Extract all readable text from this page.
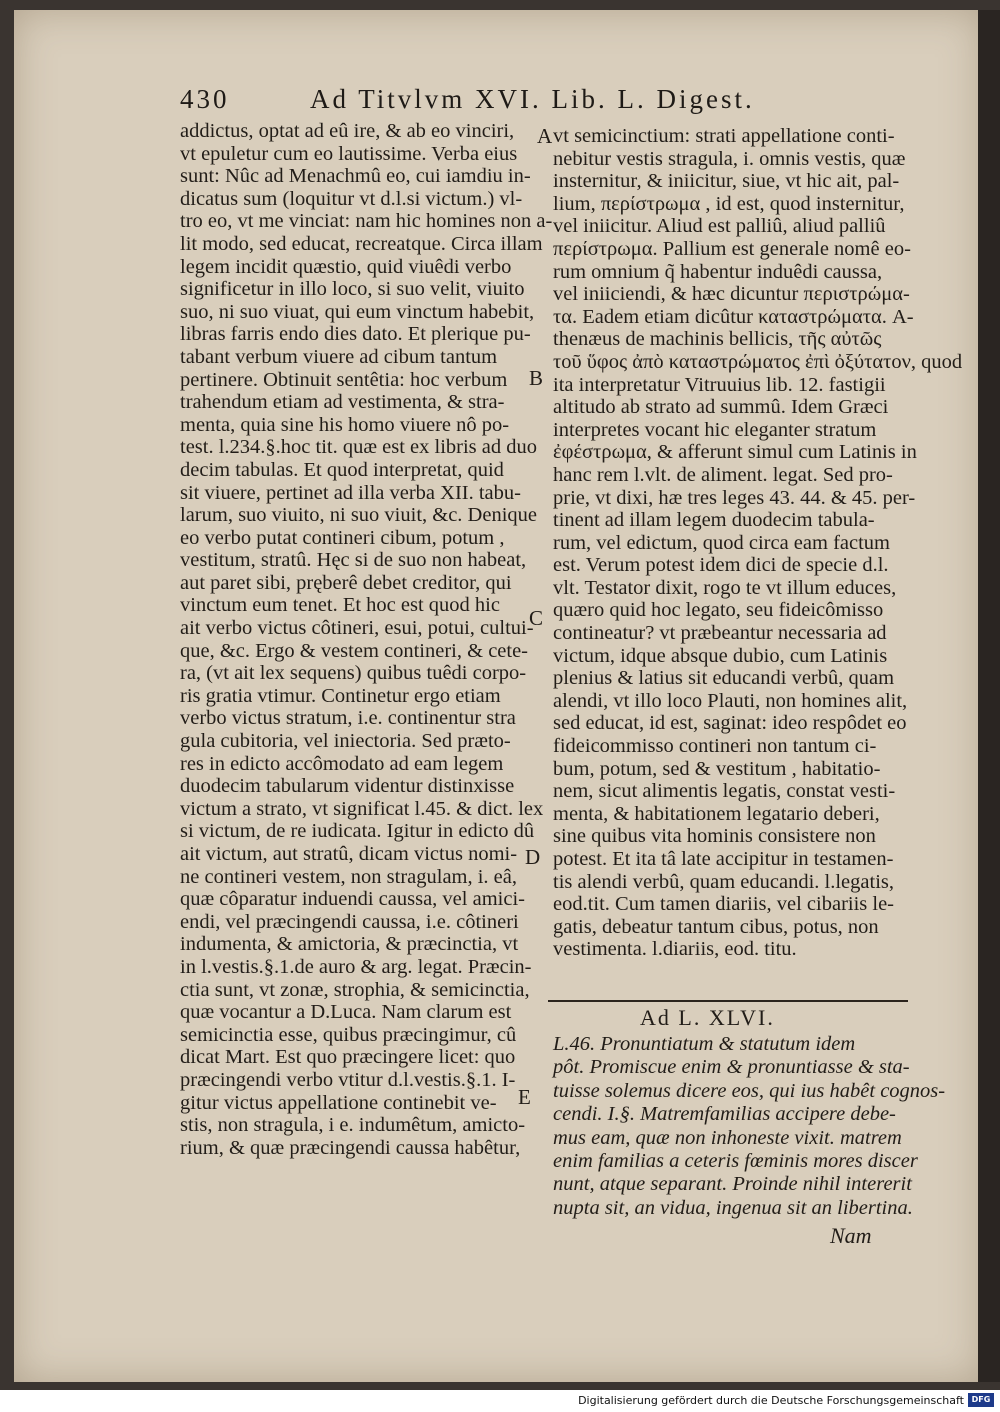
430	Ad Titvlvm XVI. Lib. L. Digest.
addictus, optat ad eû ire, & ab eo vinciri,
vt epuletur cum eo lautissime. Verba eius
sunt: Nûc ad Menachmû eo, cui iamdiu in-
dicatus sum (loquitur vt d.l.si victum.) vl-
tro eo, vt me vinciat: nam hic homines non a-
lit modo, sed educat, recreatque. Circa illam
legem incidit quæstio, quid viuêdi verbo
significetur in illo loco, si suo velit, viuito
suo, ni suo viuat, qui eum vinctum habebit,
libras farris endo dies dato. Et plerique pu-
tabant verbum viuere ad cibum tantum
pertinere. Obtinuit sentêtia: hoc verbum
trahendum etiam ad vestimenta, & stra-
menta, quia sine his homo viuere nô po-
test. l.234.§.hoc tit. quæ est ex libris ad duo
decim tabulas. Et quod interpretat, quid
sit viuere, pertinet ad illa verba XII. tabu-
larum, suo viuito, ni suo viuit, &c. Denique
eo verbo putat contineri cibum, potum ,
vestitum, stratû. Hęc si de suo non habeat,
aut paret sibi, pręberê debet creditor, qui
vinctum eum tenet. Et hoc est quod hic
ait verbo victus côtineri, esui, potui, cultui-
que, &c. Ergo & vestem contineri, & cete-
ra, (vt ait lex sequens) quibus tuêdi corpo-
ris gratia vtimur. Continetur ergo etiam
verbo victus stratum, i.e. continentur stra
gula cubitoria, vel iniectoria. Sed præto-
res in edicto accômodato ad eam legem
duodecim tabularum videntur distinxisse
victum a strato, vt significat l.45. & dict. lex
si victum, de re iudicata. Igitur in edicto dû
ait victum, aut stratû, dicam victus nomi-
ne contineri vestem, non stragulam, i. eâ,
quæ côparatur induendi caussa, vel amici-
endi, vel præcingendi caussa, i.e. côtineri
indumenta, & amictoria, & præcinctia, vt
in l.vestis.§.1.de auro & arg. legat. Præcin-
ctia sunt, vt zonæ, strophia, & semicinctia,
quæ vocantur a D.Luca. Nam clarum est
semicinctia esse, quibus præcingimur, cû
dicat Mart. Est quo præcingere licet: quo
præcingendi verbo vtitur d.l.vestis.§.1. I-
gitur victus appellatione continebit ve-
stis, non stragula, i e. indumêtum, amicto-
rium, & quæ præcingendi caussa habêtur,
vt semicinctium: strati appellatione conti-
nebitur vestis stragula, i. omnis vestis, quæ
insternitur, & iniicitur, siue, vt hic ait, pal-
lium, περίστρωμα , id est, quod insternitur,
vel iniicitur. Aliud est palliû, aliud palliû
περίστρωμα. Pallium est generale nomê eo-
rum omnium q̃ habentur induêdi caussa,
vel iniiciendi, & hæc dicuntur περιστρώμα-
τα. Eadem etiam dicûtur καταστρώματα. A-
thenæus de machinis bellicis, τῆς αὐτῶς
τοῦ ὕφος ἀπὸ καταστρώματος ἐπὶ ὀξύτατον, quod
ita interpretatur Vitruuius lib. 12. fastigii
altitudo ab strato ad summû. Idem Græci
interpretes vocant hic eleganter stratum
ἐφέστρωμα, & afferunt simul cum Latinis in
hanc rem l.vlt. de aliment. legat. Sed pro-
prie, vt dixi, hæ tres leges 43. 44. & 45. per-
tinent ad illam legem duodecim tabula-
rum, vel edictum, quod circa eam factum
est. Verum potest idem dici de specie d.l.
vlt. Testator dixit, rogo te vt illum educes,
quæro quid hoc legato, seu fideicômisso
contineatur? vt præbeantur necessaria ad
victum, idque absque dubio, cum Latinis
plenius & latius sit educandi verbû, quam
alendi, vt illo loco Plauti, non homines alit,
sed educat, id est, saginat: ideo respôdet eo
fideicommisso contineri non tantum ci-
bum, potum, sed & vestitum , habitatio-
nem, sicut alimentis legatis, constat vesti-
menta, & habitationem legatario deberi,
sine quibus vita hominis consistere non
potest. Et ita tâ late accipitur in testamen-
tis alendi verbû, quam educandi. l.legatis,
eod.tit. Cum tamen diariis, vel cibariis le-
gatis, debeatur tantum cibus, potus, non
vestimenta. l.diariis, eod. titu.
A
B
C
D
E
Ad L. XLVI.
L.46. Pronuntiatum & statutum idem
pôt. Promiscue enim & pronuntiasse & sta-
tuisse solemus dicere eos, qui ius habêt cognos-
cendi. I.§. Matremfamilias accipere debe-
mus eam, quæ non inhoneste vixit. matrem
enim familias a ceteris fœminis mores discer
nunt, atque separant. Proinde nihil intererit
nupta sit, an vidua, ingenua sit an libertina.
Nam
Digitalisierung gefördert durch die Deutsche Forschungsgemeinschaft DFG
